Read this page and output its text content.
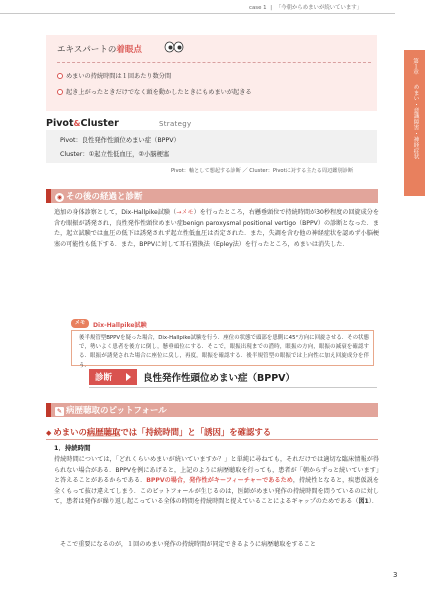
case 1 | 「今朝からめまいが続いています」
第１章
めまい・意識障害・神経症状
エキスパートの着眼点
めまいの持続時間は１回あたり数分間
起き上がったときだけでなく頭を動かしたときにもめまいが起きる
Pivot&Cluster	Strategy
Pivot：良性発作性頭位めまい症（BPPV）
Cluster：①起立性低血圧，②小脳梗塞
Pivot：軸として想起する診断 ／ Cluster：Pivotに対する主たる周辺鑑別診断
◉ その後の経過と診断
追加の身体診察として，Dix-Hallpike試験（→メモ）を行ったところ，右懸垂頭位で持続時間が30秒程度の回旋成分を含む眼振が誘発され，良性発作性頭位めまい症benign paroxysmal positional vertigo（BPPV）の診断となった．また，起立試験では血圧の低下は誘発されず起立性低血圧は否定された．また，失調を含む他の神経症状を認めず小脳梗塞の可能性も低下する．また，BPPVに対して耳石置換法（Epley法）を行ったところ，めまいは消失した．
メモ	Dix-Hallpike試験
後半規管型BPPVを疑った場合，Dix-Hallpike試験を行う．座位の状態で頭部を患側に45°方向に回旋させる．その状態で，勢いよく患者を後方に倒し，懸垂頭位にする．そこで，眼振出現までの潜時，眼振の方向，眼振の減衰を確認する．眼振が誘発された場合に座位に戻し，再度，眼振を確認する．後半規管型の眼振では上向性に加え回旋成分を伴う．
診断	良性発作性頭位めまい症（BPPV）
✎ 病歴聴取のピットフォール
◆ めまいの病歴聴取では「持続時間」と「誘因」を確認する
1．持続時間
持続時間については，「どれくらいめまいが続いていますか？」と単純に尋ねても，それだけでは適切な臨床情報が得られない場合がある．BPPVを例にあげると，上記のように病歴聴取を行っても，患者が「朝からずっと続いています」と答えることがあるからである．BPPVの場合，発作性がキーフィーチャーであるため，持続性となると，疾患仮説を全くもって抜け違えてしまう．このピットフォールが生じるのは，医師がめまい発作の持続時間を問うているのに対して，患者は発作が繰り返し起こっている全体の時間を持続時間と捉えていることによるギャップのためである（図1）．
そこで重要になるのが，１回のめまい発作の持続時間が同定できるように病歴聴取をすること
3
